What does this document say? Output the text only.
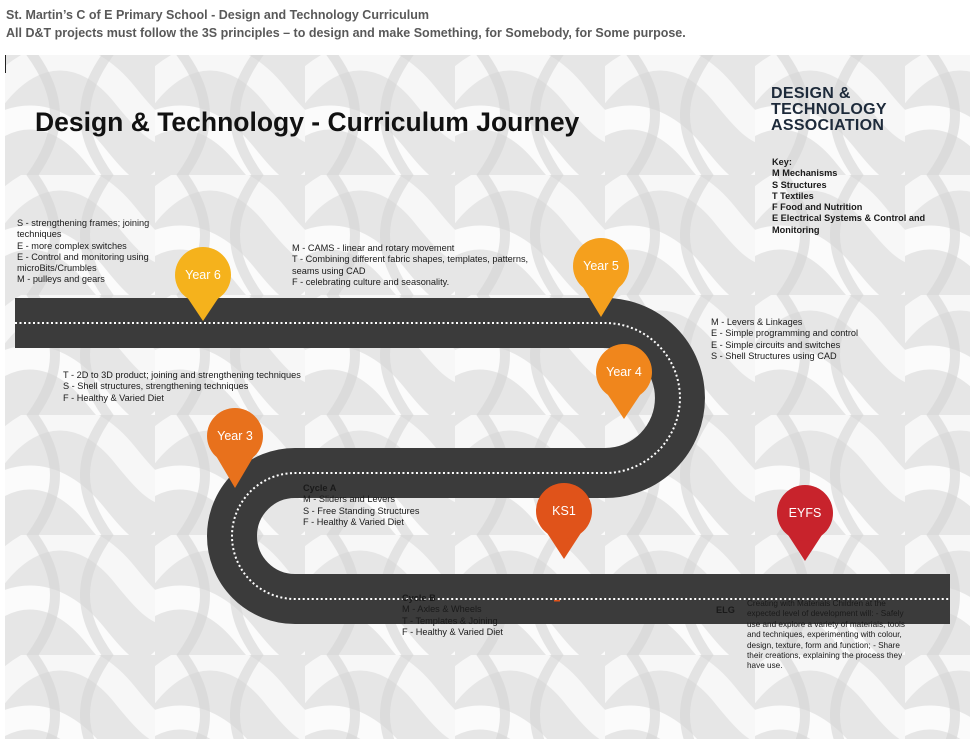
St. Martin’s C of E Primary School - Design and Technology Curriculum
All D&T projects must follow the 3S principles – to design and make Something, for Somebody, for Some purpose.
Design & Technology - Curriculum Journey
DESIGN &
TECHNOLOGY
ASSOCIATION
Key:
M Mechanisms
S Structures
T Textiles
F Food and Nutrition
E Electrical Systems & Control and
Monitoring
Year 6
Year 5
Year 4
Year 3
KS1	EYFS
S - strengthening frames; joining
techniques
E - more complex switches
E - Control and monitoring using
microBits/Crumbles
M - pulleys and gears
M - CAMS - linear and rotary movement
T - Combining different fabric shapes, templates, patterns,
seams using CAD
F - celebrating culture and seasonality.
M - Levers & Linkages
E - Simple programming and control
E - Simple circuits and switches
S - Shell Structures using CAD
T - 2D to 3D product; joining and strengthening techniques
S - Shell structures, strengthening techniques
F - Healthy & Varied Diet
Cycle A
M - Sliders and Levers
S - Free Standing Structures
F - Healthy & Varied Diet
Cycle B
M - Axles & Wheels
T - Templates & Joining
F - Healthy & Varied Diet
ELG
Creating with Materials Children at the
expected level of development will: - Safely
use and explore a variety of materials, tools
and techniques, experimenting with colour,
design, texture, form and function; - Share
their creations, explaining the process they
have use.
